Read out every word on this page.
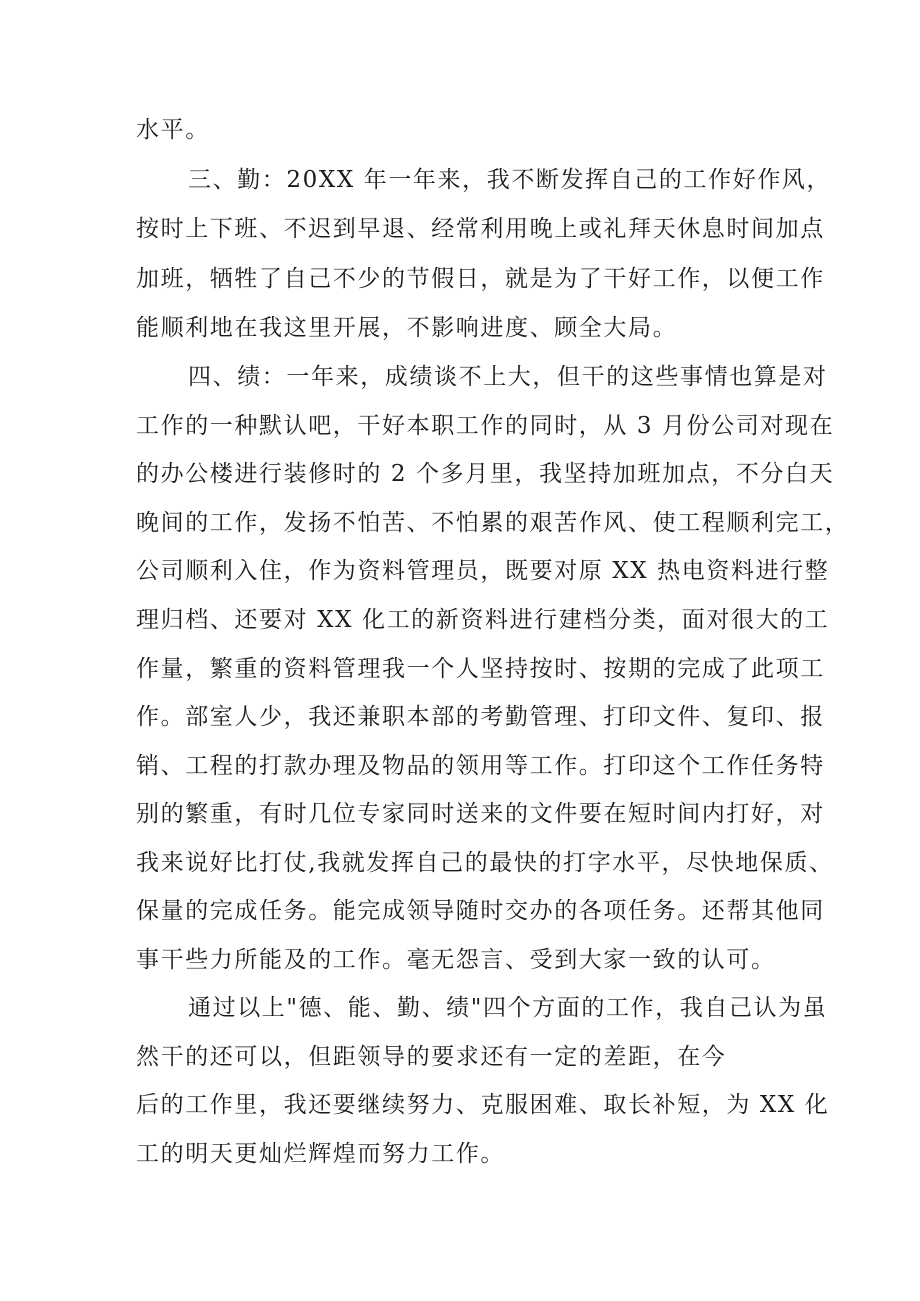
水平。
三、勤：20XX 年一年来，我不断发挥自己的工作好作风，
按时上下班、不迟到早退、经常利用晚上或礼拜天休息时间加点
加班，牺牲了自己不少的节假日，就是为了干好工作，以便工作
能顺利地在我这里开展，不影响进度、顾全大局。
四、绩：一年来，成绩谈不上大，但干的这些事情也算是对
工作的一种默认吧，干好本职工作的同时，从 3 月份公司对现在
的办公楼进行装修时的 2 个多月里，我坚持加班加点，不分白天
晚间的工作，发扬不怕苦、不怕累的艰苦作风、使工程顺利完工，
公司顺利入住，作为资料管理员，既要对原 XX 热电资料进行整
理归档、还要对 XX 化工的新资料进行建档分类，面对很大的工
作量，繁重的资料管理我一个人坚持按时、按期的完成了此项工
作。部室人少，我还兼职本部的考勤管理、打印文件、复印、报
销、工程的打款办理及物品的领用等工作。打印这个工作任务特
别的繁重，有时几位专家同时送来的文件要在短时间内打好，对
我来说好比打仗,我就发挥自己的最快的打字水平，尽快地保质、
保量的完成任务。能完成领导随时交办的各项任务。还帮其他同
事干些力所能及的工作。毫无怨言、受到大家一致的认可。
通过以上"德、能、勤、绩"四个方面的工作，我自己认为虽
然干的还可以，但距领导的要求还有一定的差距，在今
后的工作里，我还要继续努力、克服困难、取长补短，为 XX 化
工的明天更灿烂辉煌而努力工作。
